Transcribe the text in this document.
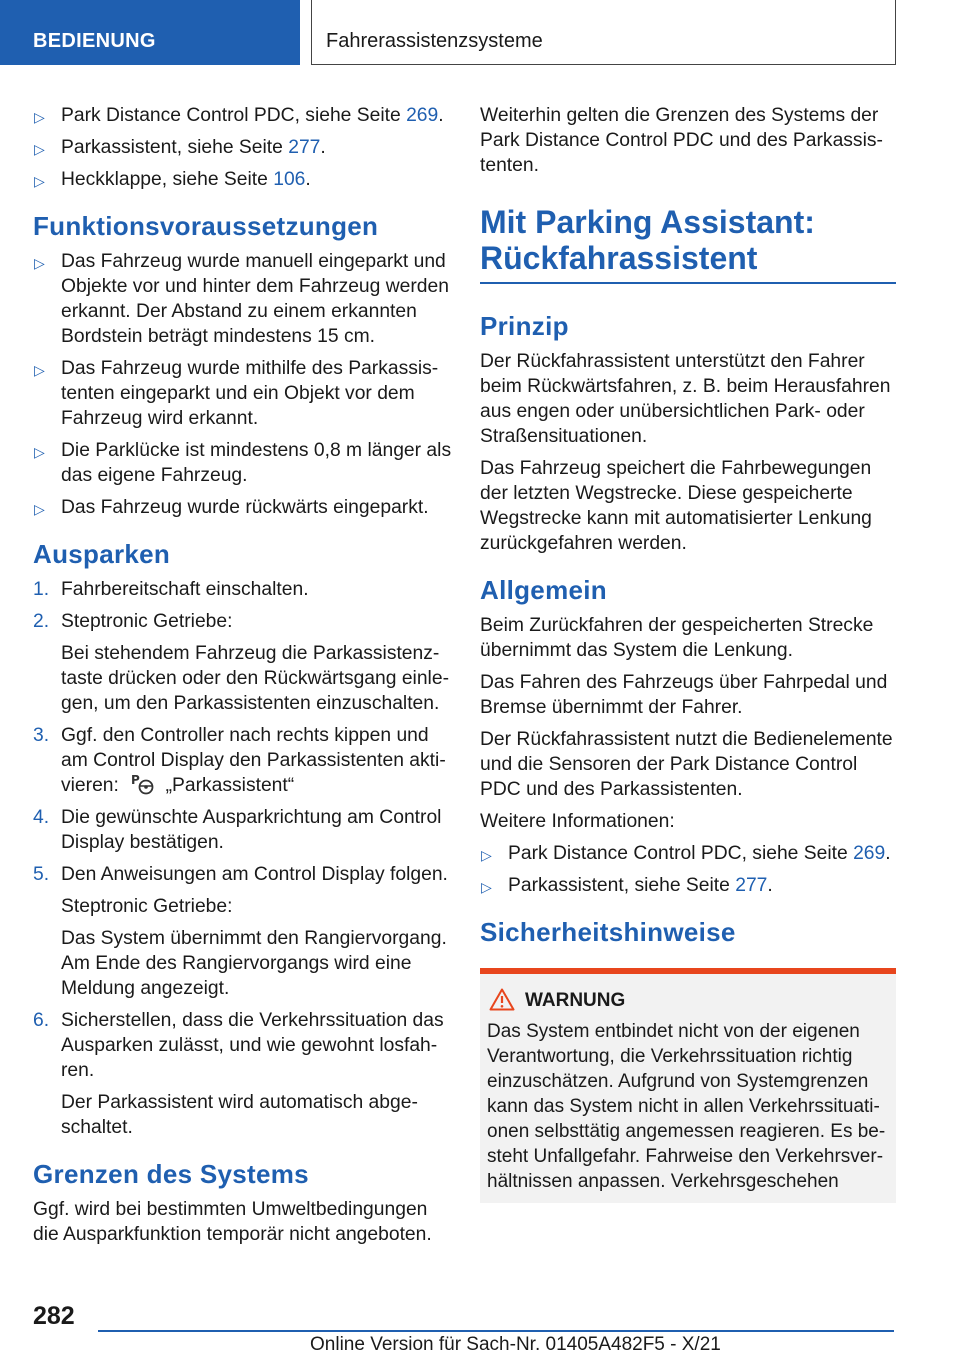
BEDIENUNG	Fahrerassistenzsysteme
▷ Park Distance Control PDC, siehe Seite 269.
▷ Parkassistent, siehe Seite 277.
▷ Heckklappe, siehe Seite 106.
Funktionsvoraussetzungen
▷ Das Fahrzeug wurde manuell eingeparkt und Objekte vor und hinter dem Fahrzeug werden erkannt. Der Abstand zu einem erkannten Bordstein beträgt mindestens 15 cm.
▷ Das Fahrzeug wurde mithilfe des Parkassistenten eingeparkt und ein Objekt vor dem Fahrzeug wird erkannt.
▷ Die Parklücke ist mindestens 0,8 m länger als das eigene Fahrzeug.
▷ Das Fahrzeug wurde rückwärts eingeparkt.
Ausparken
1. Fahrbereitschaft einschalten.
2. Steptronic Getriebe:
Bei stehendem Fahrzeug die Parkassistenztaste drücken oder den Rückwärtsgang einlegen, um den Parkassistenten einzuschalten.
3. Ggf. den Controller nach rechts kippen und am Control Display den Parkassistenten aktivieren: P „Parkassistent“
4. Die gewünschte Ausparkrichtung am Control Display bestätigen.
5. Den Anweisungen am Control Display folgen.
Steptronic Getriebe:
Das System übernimmt den Rangiervorgang. Am Ende des Rangiervorgangs wird eine Meldung angezeigt.
6. Sicherstellen, dass die Verkehrssituation das Ausparken zulässt, und wie gewohnt losfahren.
Der Parkassistent wird automatisch abgeschaltet.
Grenzen des Systems

Ggf. wird bei bestimmten Umweltbedingungen die Ausparkfunktion temporär nicht angeboten.

Weiterhin gelten die Grenzen des Systems der Park Distance Control PDC und des Parkassistenten.

Mit Parking Assistant:
Rückfahrassistent
Prinzip

Der Rückfahrassistent unterstützt den Fahrer beim Rückwärtsfahren, z. B. beim Herausfahren aus engen oder unübersichtlichen Park- oder Straßensituationen.

Das Fahrzeug speichert die Fahrbewegungen der letzten Wegstrecke. Diese gespeicherte Wegstrecke kann mit automatisierter Lenkung zurückgefahren werden.

Allgemein

Beim Zurückfahren der gespeicherten Strecke übernimmt das System die Lenkung.

Das Fahren des Fahrzeugs über Fahrpedal und Bremse übernimmt der Fahrer.

Der Rückfahrassistent nutzt die Bedienelemente und die Sensoren der Park Distance Control PDC und des Parkassistenten.

Weitere Informationen:

▷ Park Distance Control PDC, siehe Seite 269.
▷ Parkassistent, siehe Seite 277.
Sicherheitshinweise
WARNUNG

Das System entbindet nicht von der eigenen Verantwortung, die Verkehrssituation richtig einzuschätzen. Aufgrund von Systemgrenzen kann das System nicht in allen Verkehrssituationen selbsttätig angemessen reagieren. Es besteht Unfallgefahr. Fahrweise den Verkehrsverhältnissen anpassen. Verkehrsgeschehen

282
Online Version für Sach-Nr. 01405A482F5 - X/21
